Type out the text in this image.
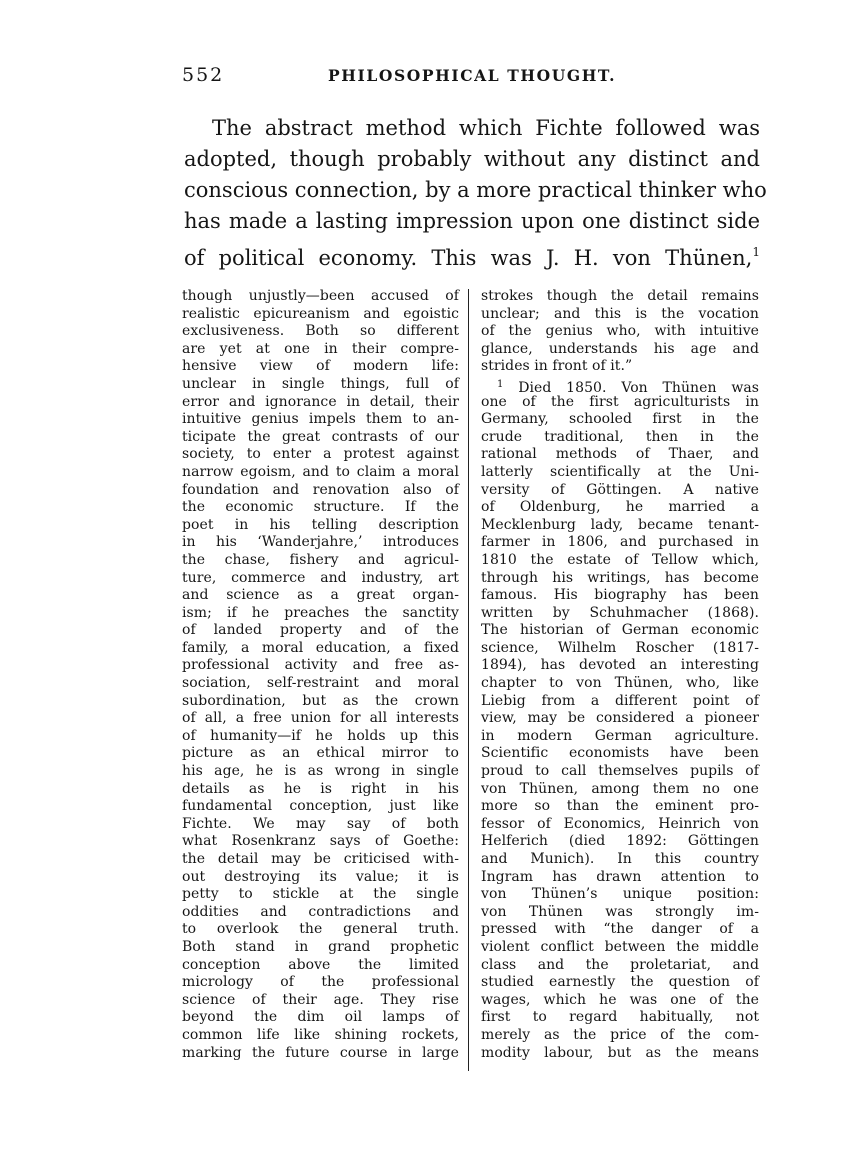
552	PHILOSOPHICAL THOUGHT.
The abstract method which Fichte followed was
adopted, though probably without any distinct and
conscious connection, by a more practical thinker who
has made a lasting impression upon one distinct side
of political economy. This was J. H. von Thünen,$^1$
though unjustly—been accused of
realistic epicureanism and egoistic
exclusiveness. Both so different
are yet at one in their compre-
hensive view of modern life:
unclear in single things, full of
error and ignorance in detail, their
intuitive genius impels them to an-
ticipate the great contrasts of our
society, to enter a protest against
narrow egoism, and to claim a moral
foundation and renovation also of
the economic structure. If the
poet in his telling description
in his ‘Wanderjahre,’ introduces
the chase, fishery and agricul-
ture, commerce and industry, art
and science as a great organ-
ism; if he preaches the sanctity
of landed property and of the
family, a moral education, a fixed
professional activity and free as-
sociation, self-restraint and moral
subordination, but as the crown
of all, a free union for all interests
of humanity—if he holds up this
picture as an ethical mirror to
his age, he is as wrong in single
details as he is right in his
fundamental conception, just like
Fichte. We may say of both
what Rosenkranz says of Goethe:
the detail may be criticised with-
out destroying its value; it is
petty to stickle at the single
oddities and contradictions and
to overlook the general truth.
Both stand in grand prophetic
conception above the limited
micrology of the professional
science of their age. They rise
beyond the dim oil lamps of
common life like shining rockets,
marking the future course in large
strokes though the detail remains
unclear; and this is the vocation
of the genius who, with intuitive
glance, understands his age and
strides in front of it.”
$^1$ Died 1850. Von Thünen was
one of the first agriculturists in
Germany, schooled first in the
crude traditional, then in the
rational methods of Thaer, and
latterly scientifically at the Uni-
versity of Göttingen. A native
of Oldenburg, he married a
Mecklenburg lady, became tenant-
farmer in 1806, and purchased in
1810 the estate of Tellow which,
through his writings, has become
famous. His biography has been
written by Schuhmacher (1868).
The historian of German economic
science, Wilhelm Roscher (1817-
1894), has devoted an interesting
chapter to von Thünen, who, like
Liebig from a different point of
view, may be considered a pioneer
in modern German agriculture.
Scientific economists have been
proud to call themselves pupils of
von Thünen, among them no one
more so than the eminent pro-
fessor of Economics, Heinrich von
Helferich (died 1892: Göttingen
and Munich). In this country
Ingram has drawn attention to
von Thünen’s unique position:
von Thünen was strongly im-
pressed with “the danger of a
violent conflict between the middle
class and the proletariat, and
studied earnestly the question of
wages, which he was one of the
first to regard habitually, not
merely as the price of the com-
modity labour, but as the means
